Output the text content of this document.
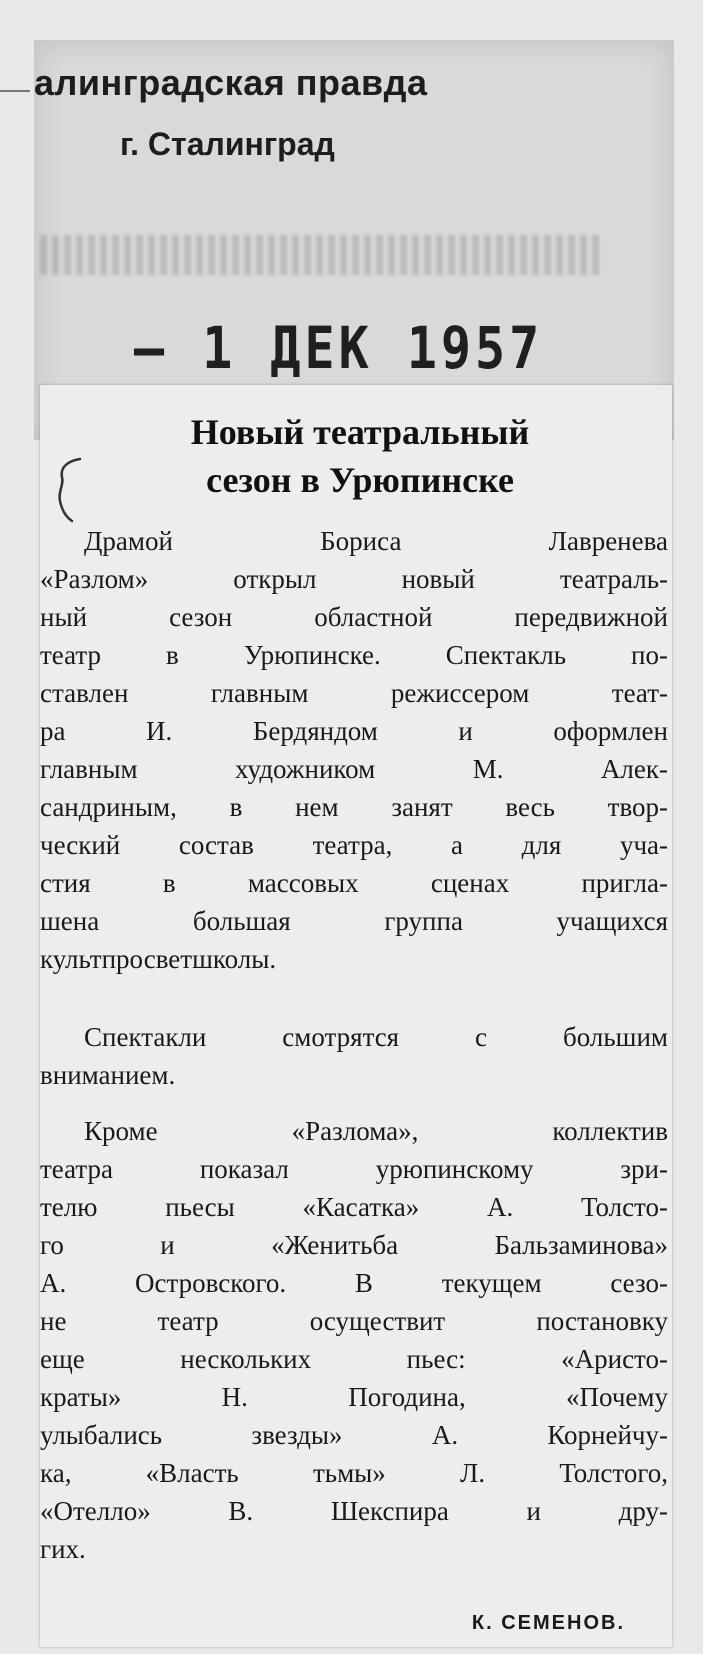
алинградская правда
г. Сталинград
– 1 ДЕК 1957
Новый театральный
сезон в Урюпинске
Драмой Бориса Лавренева
«Разлом» открыл новый театраль-
ный сезон областной передвижной
театр в Урюпинске. Спектакль по-
ставлен главным режиссером теат-
ра И. Бердяндом и оформлен
главным художником М. Алек-
сандриным, в нем занят весь твор-
ческий состав театра, а для уча-
стия в массовых сценах пригла-
шена большая группа учащихся
культпросветшколы.
Спектакли смотрятся с большим
вниманием.
Кроме «Разлома», коллектив
театра показал урюпинскому зри-
телю пьесы «Касатка» А. Толсто-
го и «Женитьба Бальзаминова»
А. Островского. В текущем сезо-
не театр осуществит постановку
еще нескольких пьес: «Аристо-
краты» Н. Погодина, «Почему
улыбались звезды» А. Корнейчу-
ка, «Власть тьмы» Л. Толстого,
«Отелло» В. Шекспира и дру-
гих.
К. СЕМЕНОВ.
